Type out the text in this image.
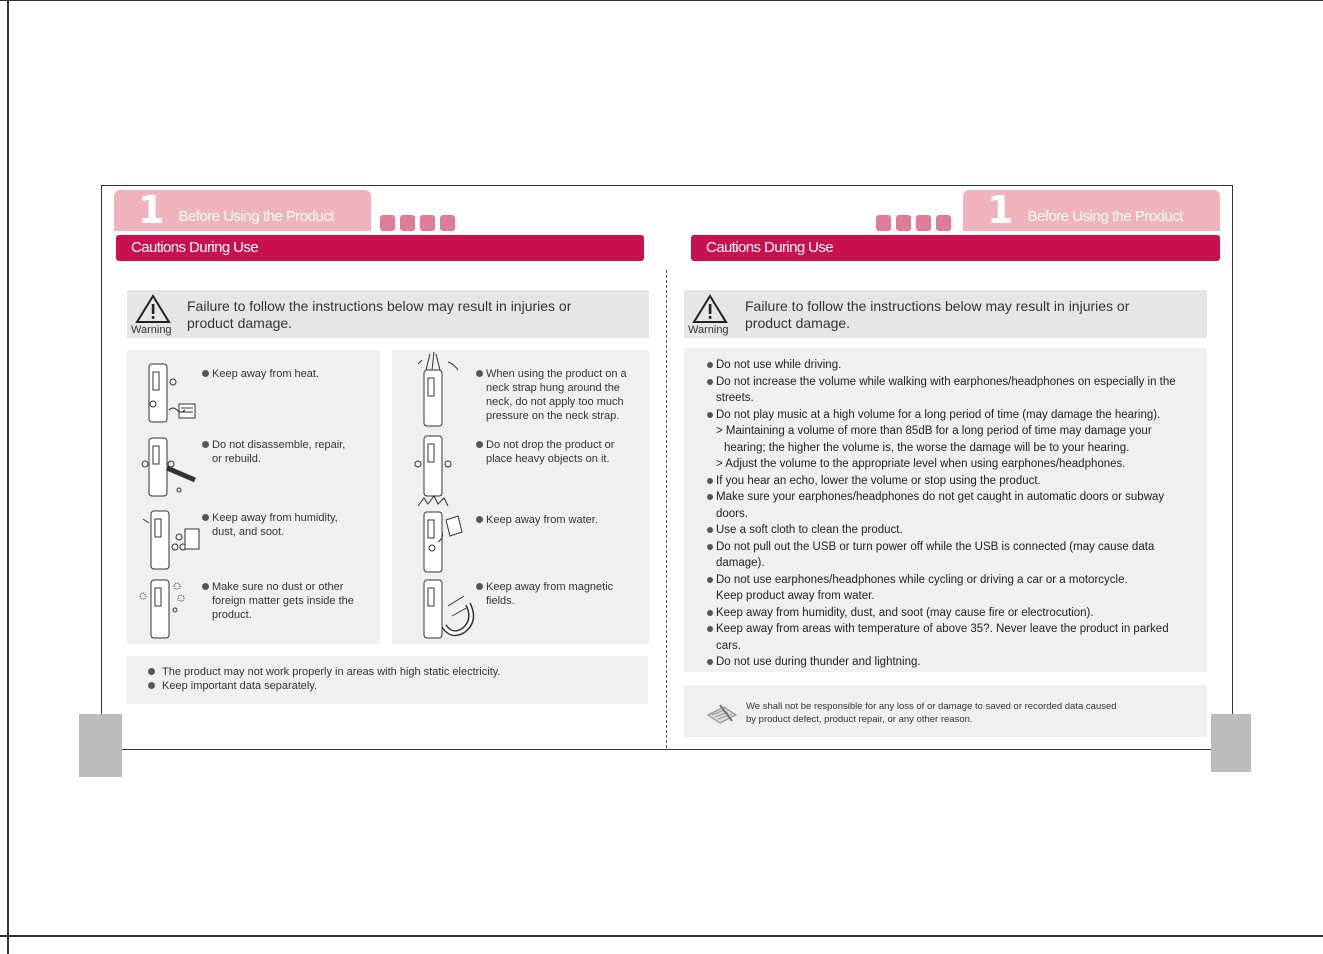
1 Before Using the Product
Cautions During Use
Warning
Failure to follow the instructions below may result in injuries or
product damage.
Keep away from heat.
Do not disassemble, repair,
or rebuild.
Keep away from humidity,
dust, and soot.
Make sure no dust or other
foreign matter gets inside the
product.
When using the product on a
neck strap hung around the
neck, do not apply too much
pressure on the neck strap.
Do not drop the product or
place heavy objects on it.
Keep away from water.
Keep away from magnetic
fields.
The product may not work properly in areas with high static electricity.
Keep important data separately.
1 Before Using the Product
Cautions During Use
Warning
Failure to follow the instructions below may result in injuries or
product damage.
Do not use while driving.
Do not increase the volume while walking with earphones/headphones on especially in the
streets.
Do not play music at a high volume for a long period of time (may damage the hearing).
> Maintaining a volume of more than 85dB for a long period of time may damage your
hearing; the higher the volume is, the worse the damage will be to your hearing.
> Adjust the volume to the appropriate level when using earphones/headphones.
If you hear an echo, lower the volume or stop using the product.
Make sure your earphones/headphones do not get caught in automatic doors or subway
doors.
Use a soft cloth to clean the product.
Do not pull out the USB or turn power off while the USB is connected (may cause data
damage).
Do not use earphones/headphones while cycling or driving a car or a motorcycle.
Keep product away from water.
Keep away from humidity, dust, and soot (may cause fire or electrocution).
Keep away from areas with temperature of above 35?. Never leave the product in parked
cars.
Do not use during thunder and lightning.
We shall not be responsible for any loss of or damage to saved or recorded data caused
by product defect, product repair, or any other reason.
